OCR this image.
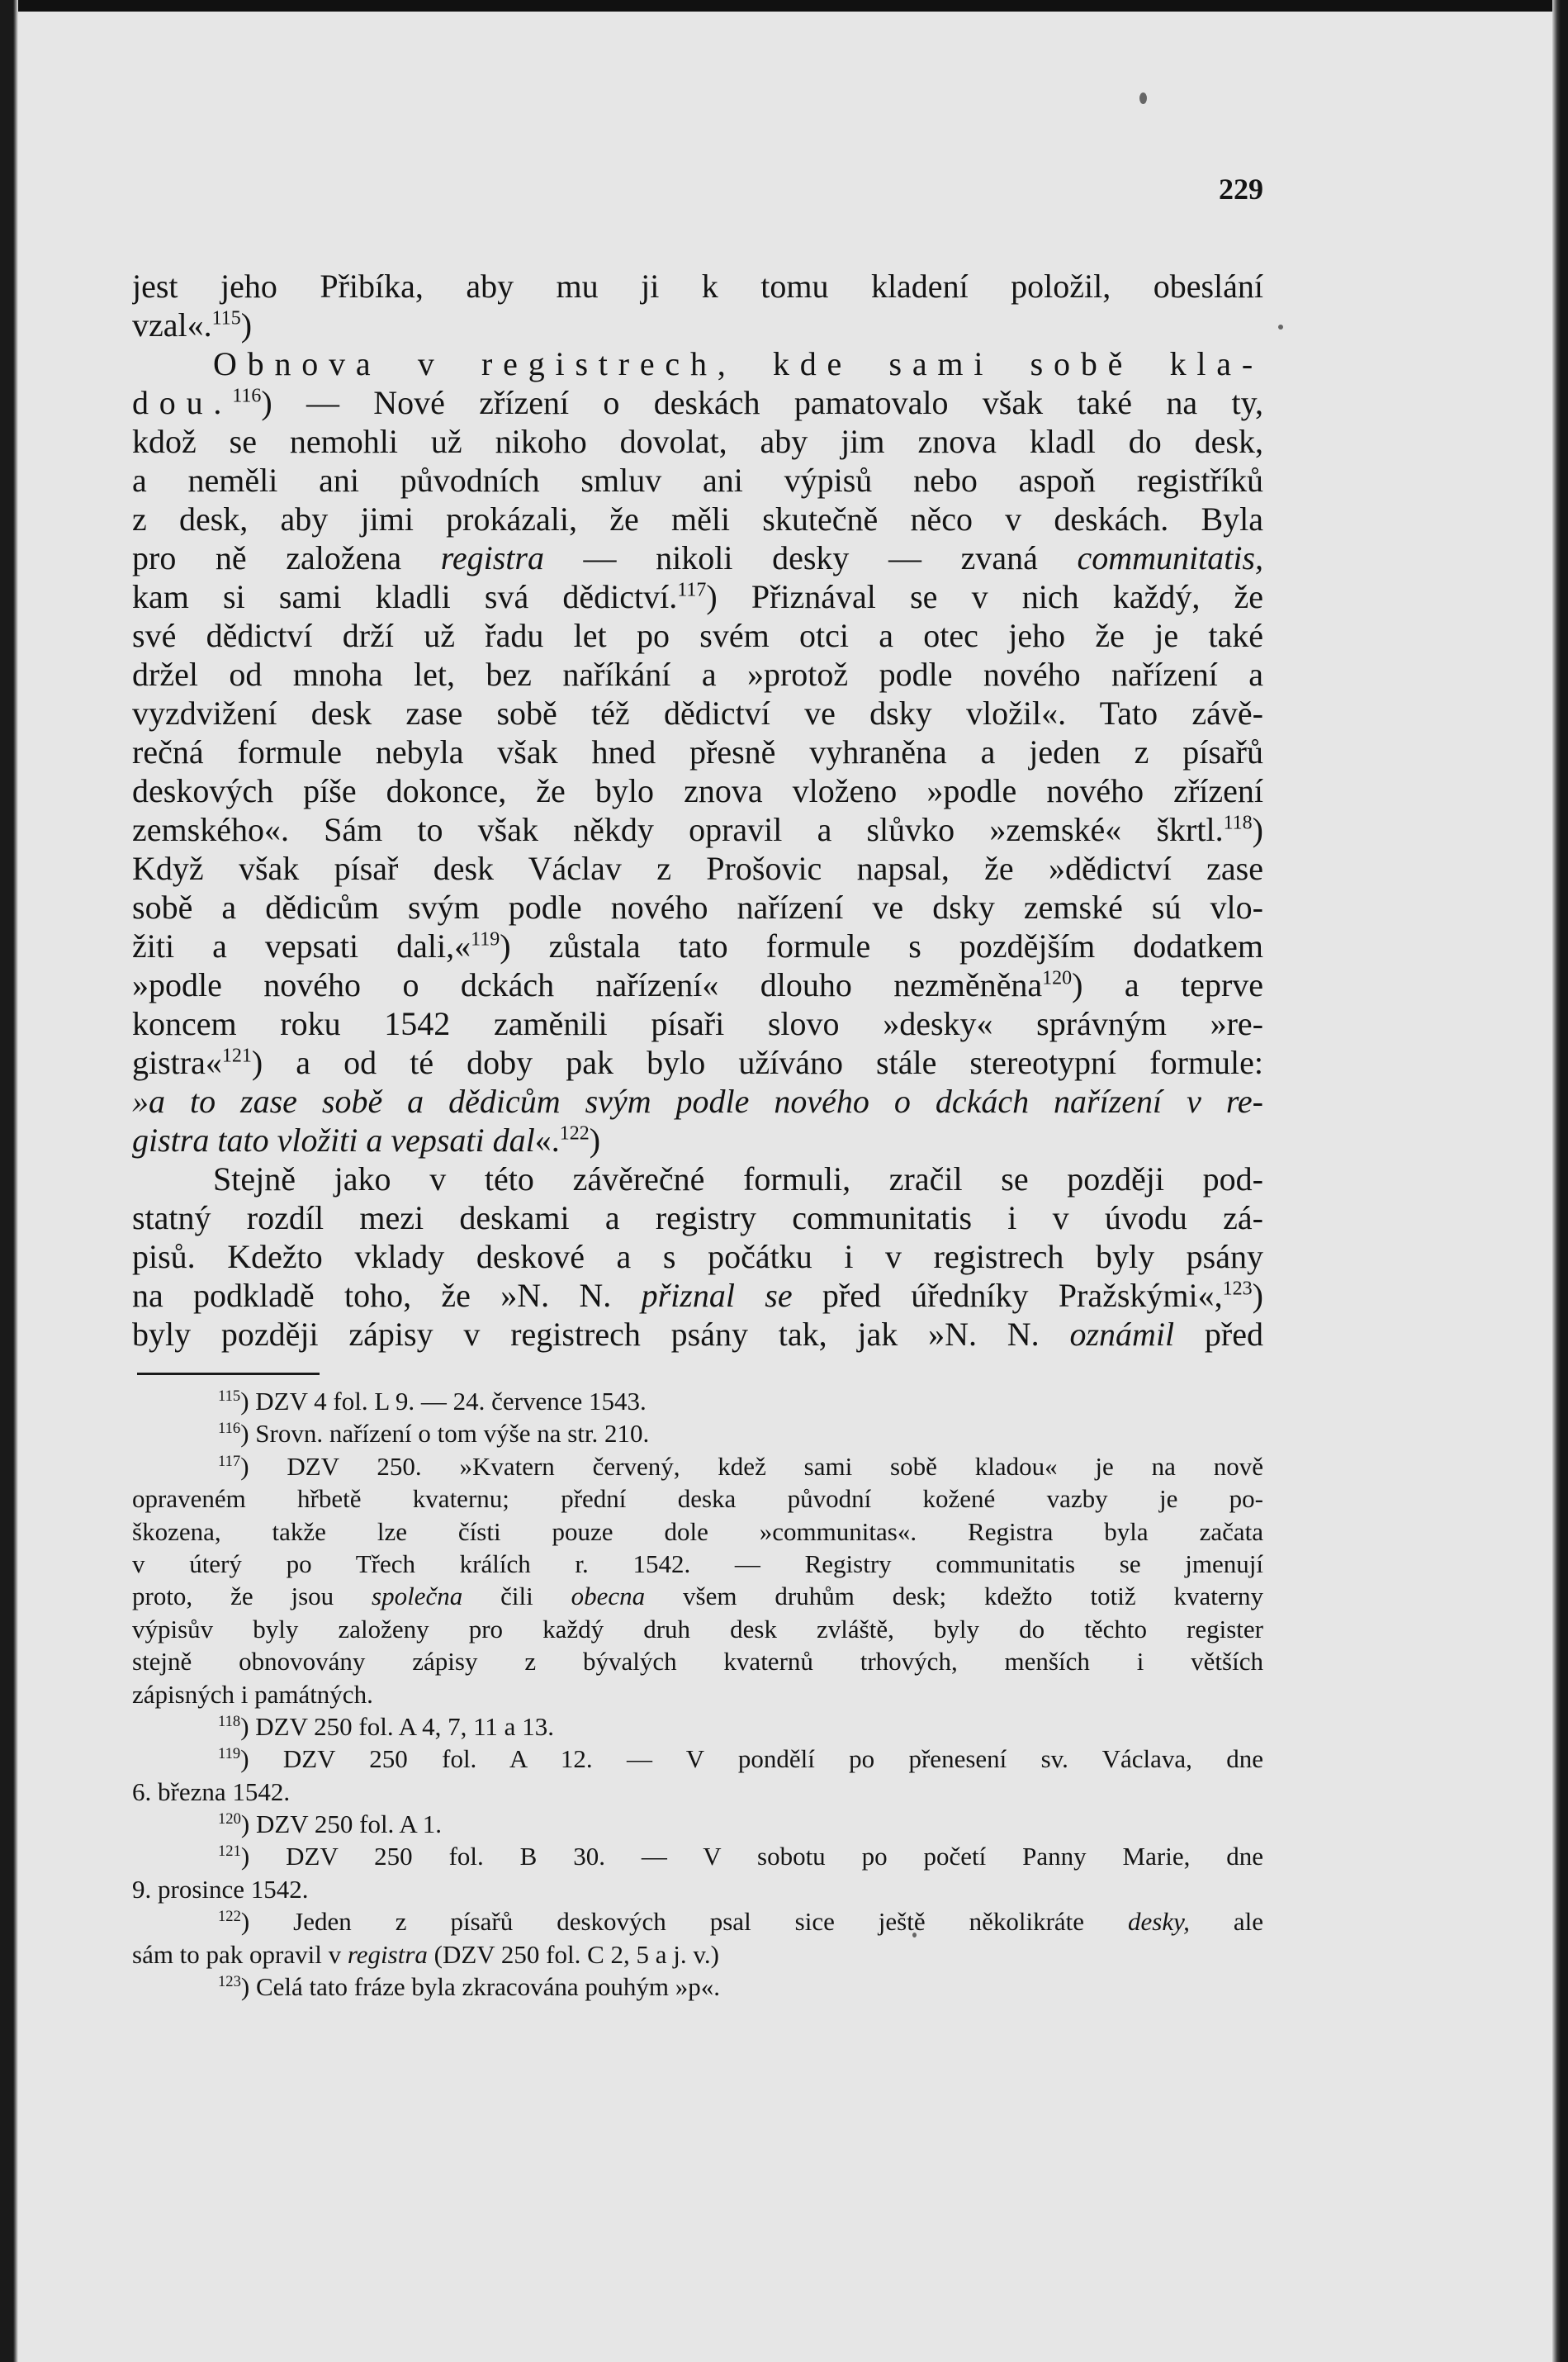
229
jest jeho Přibíka, aby mu ji k tomu kladení položil, obeslání
vzal«.$^{115}$)
Obnova v registrech, kde sami sobě kla-
dou.$^{116}$) — Nové zřízení o deskách pamatovalo však také na ty,
kdož se nemohli už nikoho dovolat, aby jim znova kladl do desk,
a neměli ani původních smluv ani výpisů nebo aspoň registříků
z desk, aby jimi prokázali, že měli skutečně něco v deskách. Byla
pro ně založena registra — nikoli desky — zvaná communitatis,
kam si sami kladli svá dědictví.$^{117}$) Přiznával se v nich každý, že
své dědictví drží už řadu let po svém otci a otec jeho že je také
držel od mnoha let, bez naříkání a »protož podle nového nařízení a
vyzdvižení desk zase sobě též dědictví ve dsky vložil«. Tato závě-
rečná formule nebyla však hned přesně vyhraněna a jeden z písařů
deskových píše dokonce, že bylo znova vloženo »podle nového zřízení
zemského«. Sám to však někdy opravil a slůvko »zemské« škrtl.$^{118}$)
Když však písař desk Václav z Prošovic napsal, že »dědictví zase
sobě a dědicům svým podle nového nařízení ve dsky zemské sú vlo-
žiti a vepsati dali,«$^{119}$) zůstala tato formule s pozdějším dodatkem
»podle nového o dckách nařízení« dlouho nezměněna$^{120}$) a teprve
koncem roku 1542 zaměnili písaři slovo »desky« správným »re-
gistra«$^{121}$) a od té doby pak bylo užíváno stále stereotypní formule:
»a to zase sobě a dědicům svým podle nového o dckách nařízení v re-
gistra tato vložiti a vepsati dal«.$^{122}$)
Stejně jako v této závěrečné formuli, zračil se později pod-
statný rozdíl mezi deskami a registry communitatis i v úvodu zá-
pisů. Kdežto vklady deskové a s počátku i v registrech byly psány
na podkladě toho, že »N. N. přiznal se před úředníky Pražskými«,$^{123}$)
byly později zápisy v registrech psány tak, jak »N. N. oznámil před
$^{115}$) DZV 4 fol. L 9. — 24. července 1543.
$^{116}$) Srovn. nařízení o tom výše na str. 210.
$^{117}$) DZV 250. »Kvatern červený, kdež sami sobě kladou« je na nově
opraveném hřbetě kvaternu; přední deska původní kožené vazby je po-
škozena, takže lze čísti pouze dole »communitas«. Registra byla začata
v úterý po Třech králích r. 1542. — Registry communitatis se jmenují
proto, že jsou společna čili obecna všem druhům desk; kdežto totiž kvaterny
výpisův byly založeny pro každý druh desk zvláště, byly do těchto register
stejně obnovovány zápisy z bývalých kvaternů trhových, menších i větších
zápisných i památných.
$^{118}$) DZV 250 fol. A 4, 7, 11 a 13.
$^{119}$) DZV 250 fol. A 12. — V pondělí po přenesení sv. Václava, dne
6. března 1542.
$^{120}$) DZV 250 fol. A 1.
$^{121}$) DZV 250 fol. B 30. — V sobotu po početí Panny Marie, dne
9. prosince 1542.
$^{122}$) Jeden z písařů deskových psal sice ještě několikráte desky, ale
sám to pak opravil v registra (DZV 250 fol. C 2, 5 a j. v.)
$^{123}$) Celá tato fráze byla zkracována pouhým »p«.
